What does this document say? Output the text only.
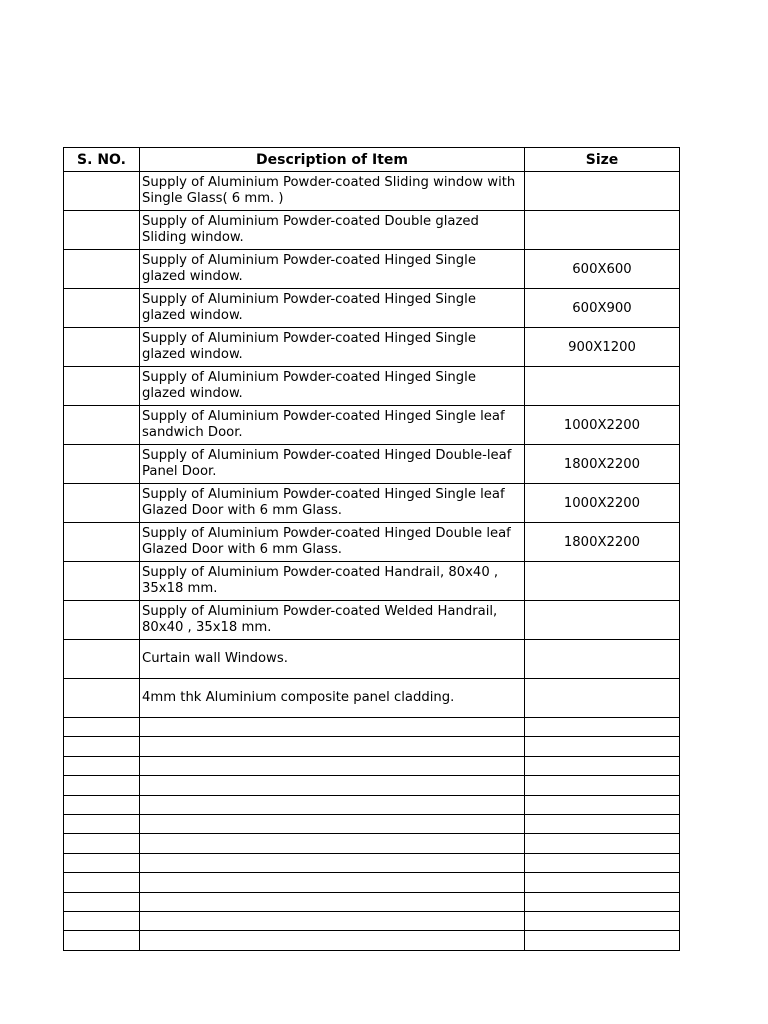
S. NO.	Description of Item	Size
	Supply of Aluminium Powder-coated Sliding window with Single Glass( 6 mm. )	
	Supply of Aluminium Powder-coated Double glazed Sliding window.	
	Supply of Aluminium Powder-coated Hinged Single glazed window.	600X600
	Supply of Aluminium Powder-coated Hinged Single glazed window.	600X900
	Supply of Aluminium Powder-coated Hinged Single glazed window.	900X1200
	Supply of Aluminium Powder-coated Hinged Single glazed window.	
	Supply of Aluminium Powder-coated Hinged Single leaf sandwich Door.	1000X2200
	Supply of Aluminium Powder-coated Hinged Double-leaf Panel Door.	1800X2200
	Supply of Aluminium Powder-coated Hinged Single leaf Glazed Door with 6 mm Glass.	1000X2200
	Supply of Aluminium Powder-coated Hinged Double leaf Glazed Door with 6 mm Glass.	1800X2200
	Supply of Aluminium Powder-coated Handrail, 80x40 , 35x18 mm.	
	Supply of Aluminium Powder-coated Welded Handrail, 80x40 , 35x18 mm.	
	Curtain wall Windows.	
	4mm thk Aluminium composite panel cladding.	
